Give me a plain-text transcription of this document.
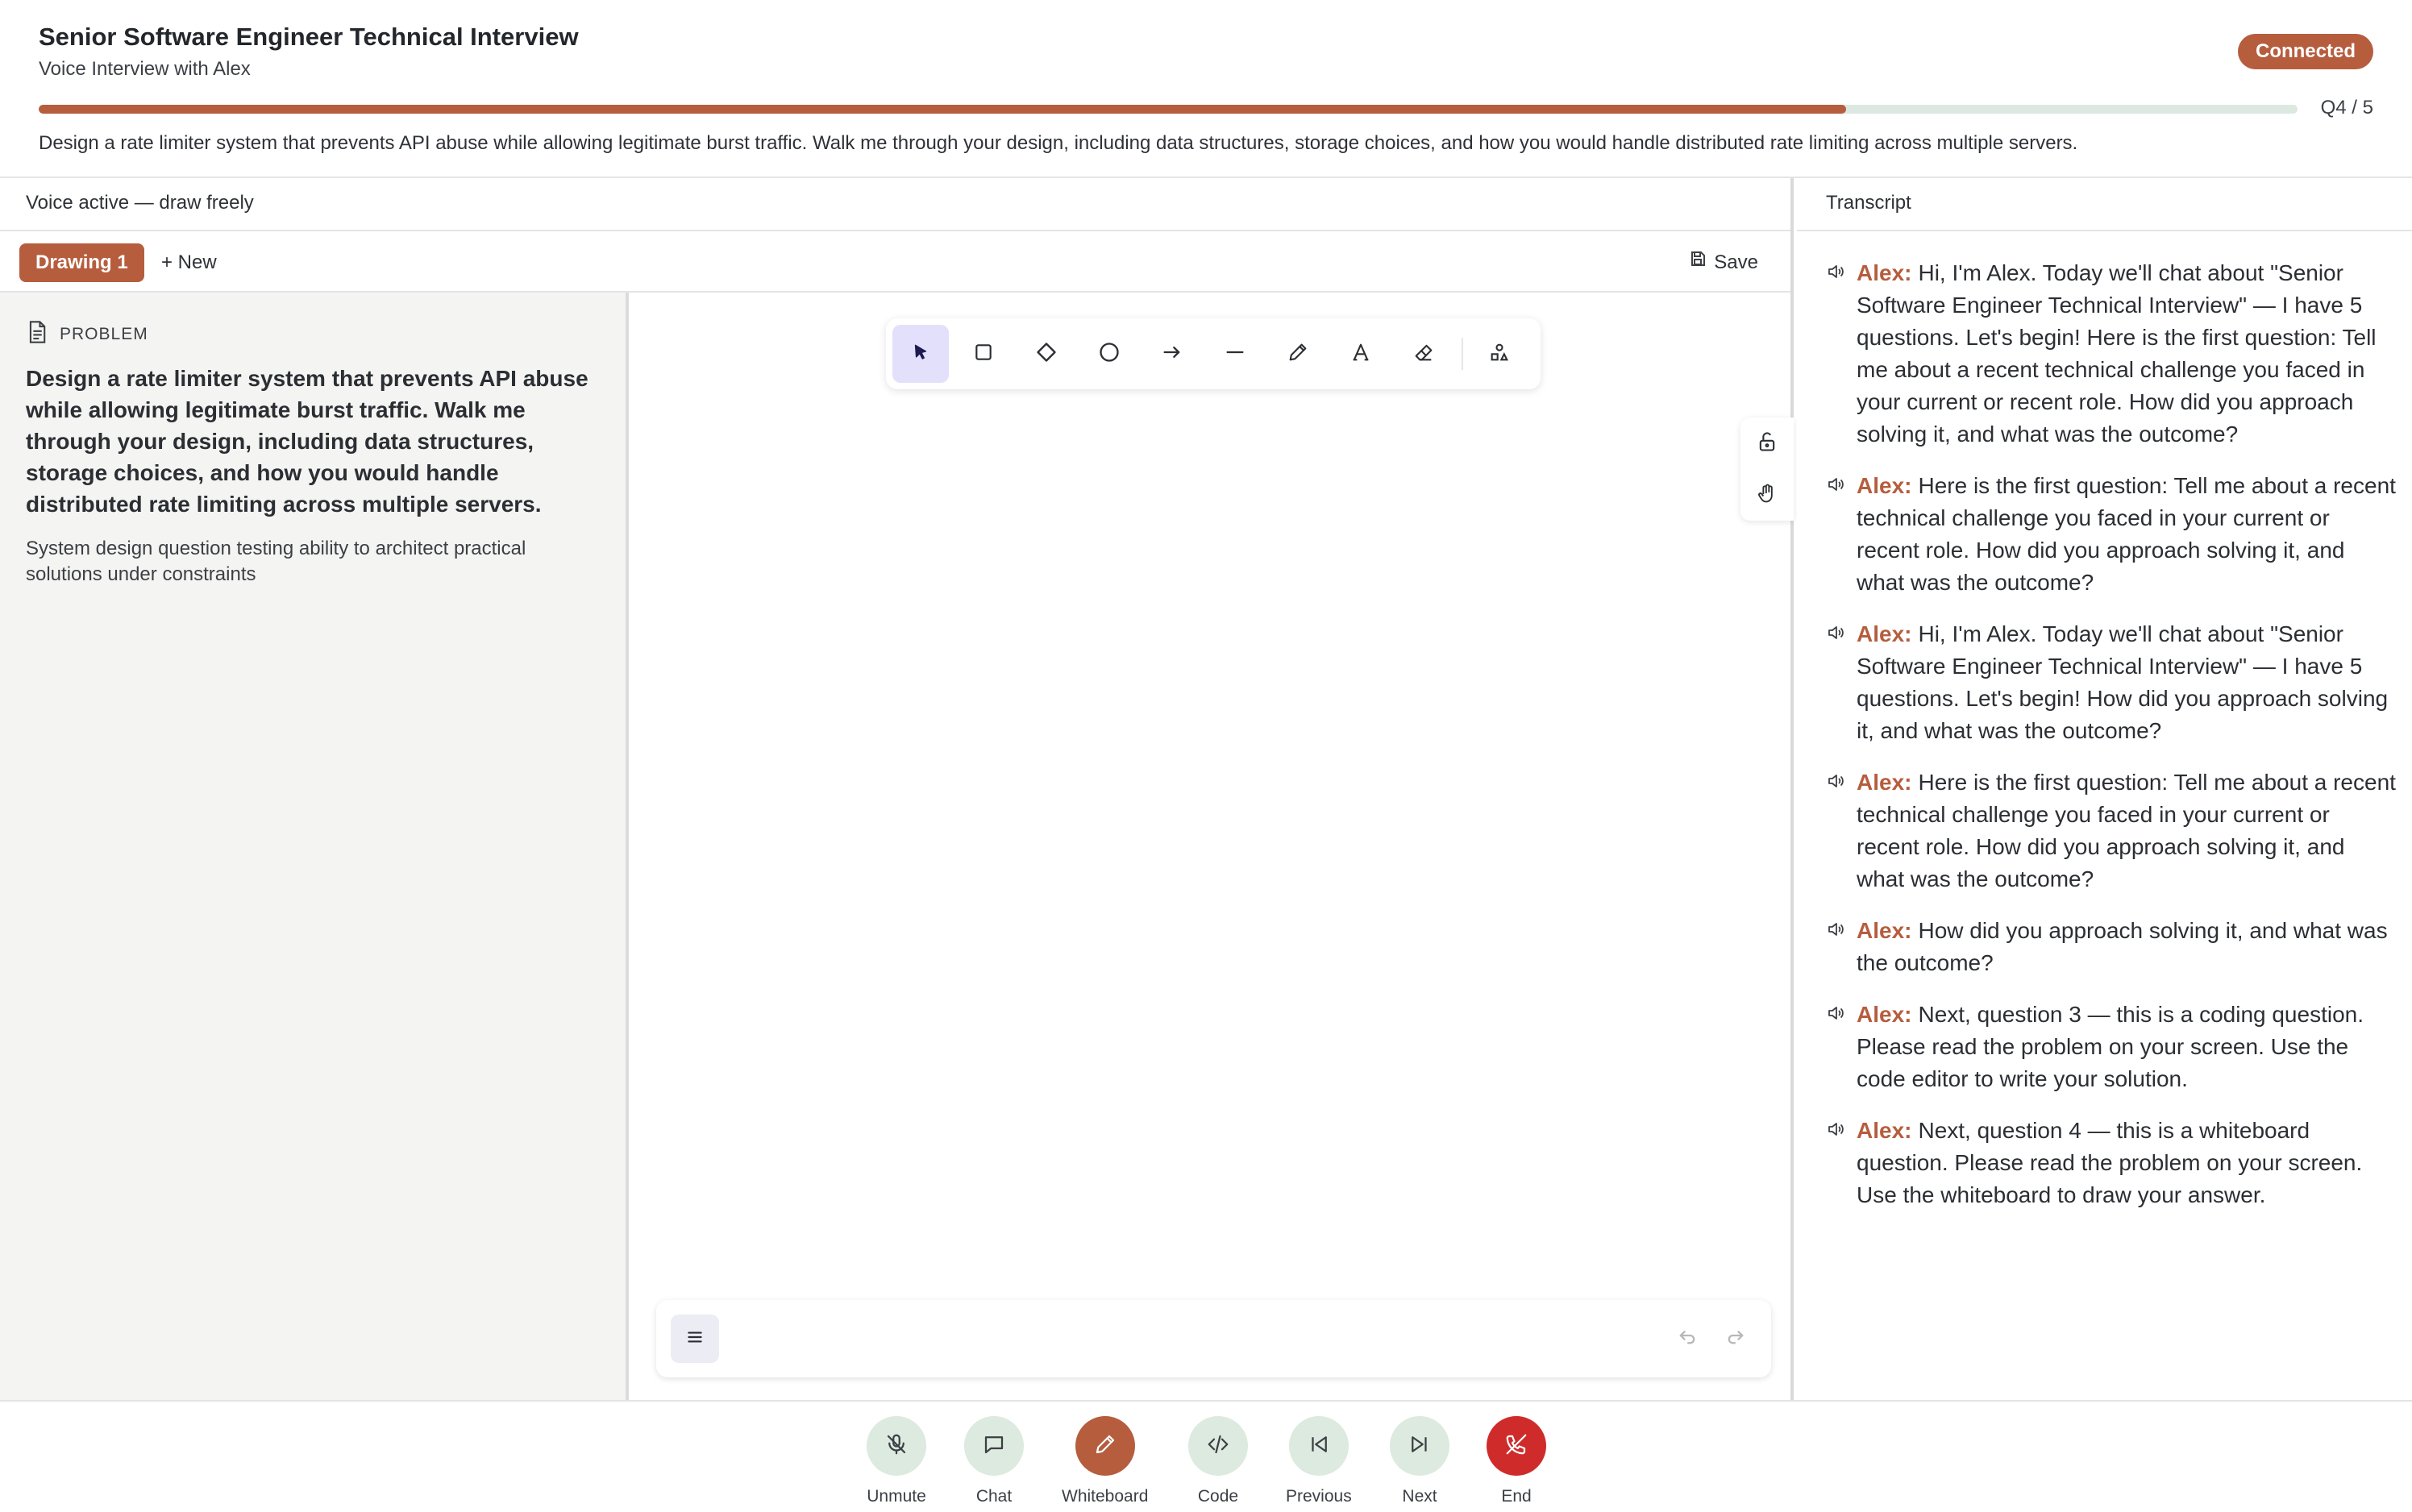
Senior Software Engineer Technical Interview
Voice Interview with Alex
Connected
Q4 / 5
Design a rate limiter system that prevents API abuse while allowing legitimate burst traffic. Walk me through your design, including data structures, storage choices, and how you would handle distributed rate limiting across multiple servers.
Voice active — draw freely
Drawing 1	+ New	Save
PROBLEM
Design a rate limiter system that prevents API abuse while allowing legitimate burst traffic. Walk me through your design, including data structures, storage choices, and how you would handle distributed rate limiting across multiple servers.
System design question testing ability to architect practical solutions under constraints
Transcript
Alex: Hi, I'm Alex. Today we'll chat about "Senior Software Engineer Technical Interview" — I have 5 questions. Let's begin! Here is the first question: Tell me about a recent technical challenge you faced in your current or recent role. How did you approach solving it, and what was the outcome?
Alex: Here is the first question: Tell me about a recent technical challenge you faced in your current or recent role. How did you approach solving it, and what was the outcome?
Alex: Hi, I'm Alex. Today we'll chat about "Senior Software Engineer Technical Interview" — I have 5 questions. Let's begin! How did you approach solving it, and what was the outcome?
Alex: Here is the first question: Tell me about a recent technical challenge you faced in your current or recent role. How did you approach solving it, and what was the outcome?
Alex: How did you approach solving it, and what was the outcome?
Alex: Next, question 3 — this is a coding question. Please read the problem on your screen. Use the code editor to write your solution.
Alex: Next, question 4 — this is a whiteboard question. Please read the problem on your screen. Use the whiteboard to draw your answer.
Unmute	Chat	Whiteboard	Code	Previous	Next	End
